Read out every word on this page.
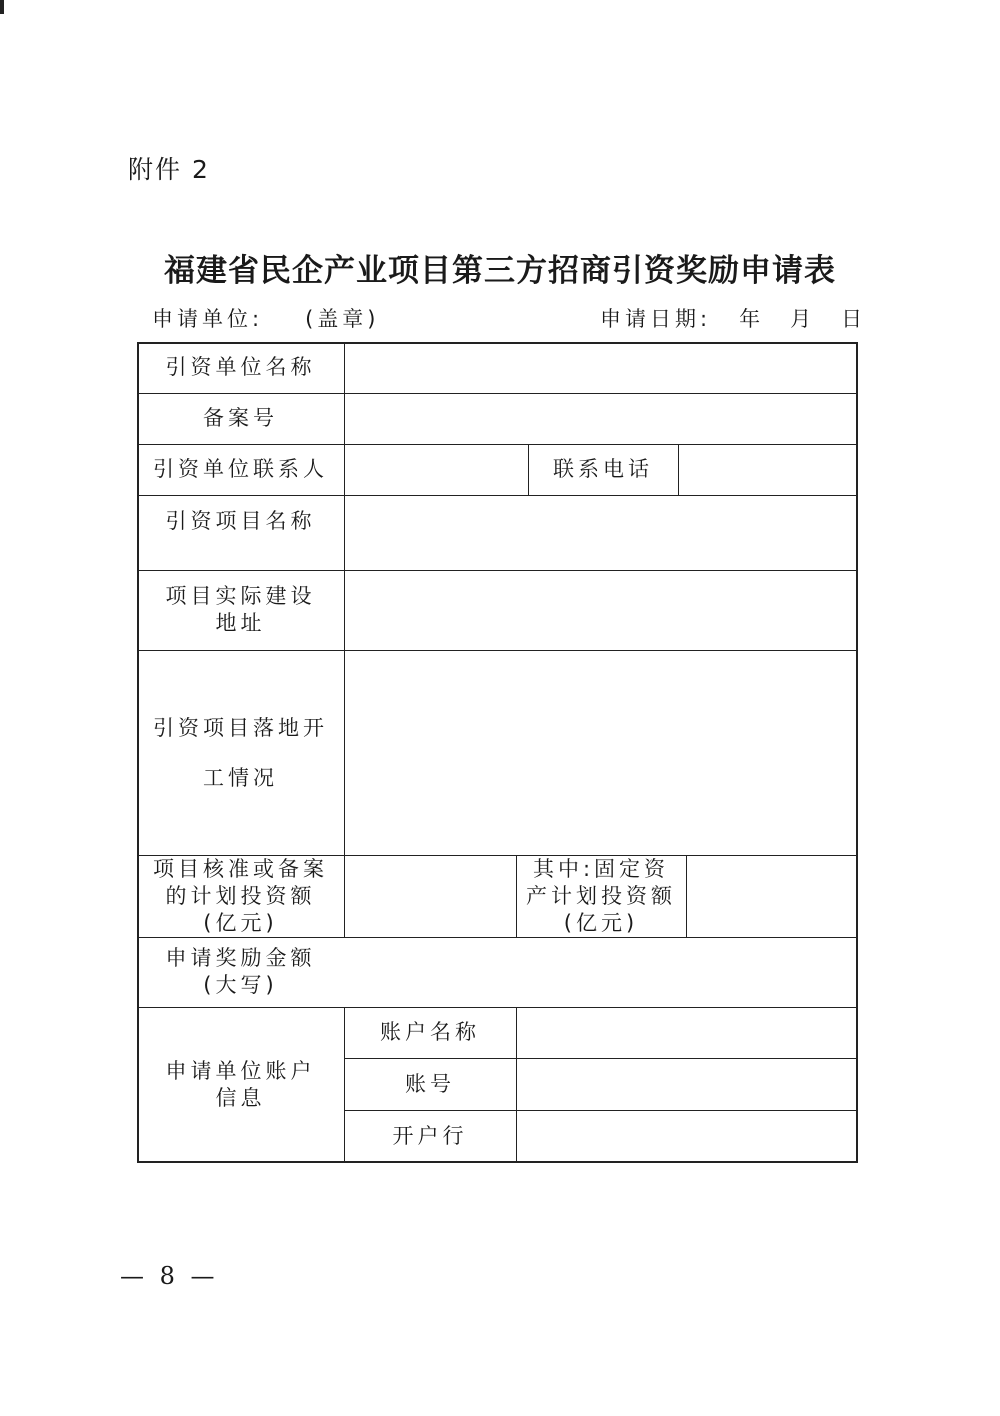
附件 2
福建省民企产业项目第三方招商引资奖励申请表
申请单位: (盖章)	申请日期: 年 月 日
引资单位名称
备案号
引资单位联系人	联系电话
引资项目名称
项目实际建设
地址
引资项目落地开
工情况
项目核准或备案
的计划投资额
(亿元)
其中:固定资
产计划投资额
(亿元)
申请奖励金额
(大写)
申请单位账户
信息
账户名称
账号
开户行
— 8 —
